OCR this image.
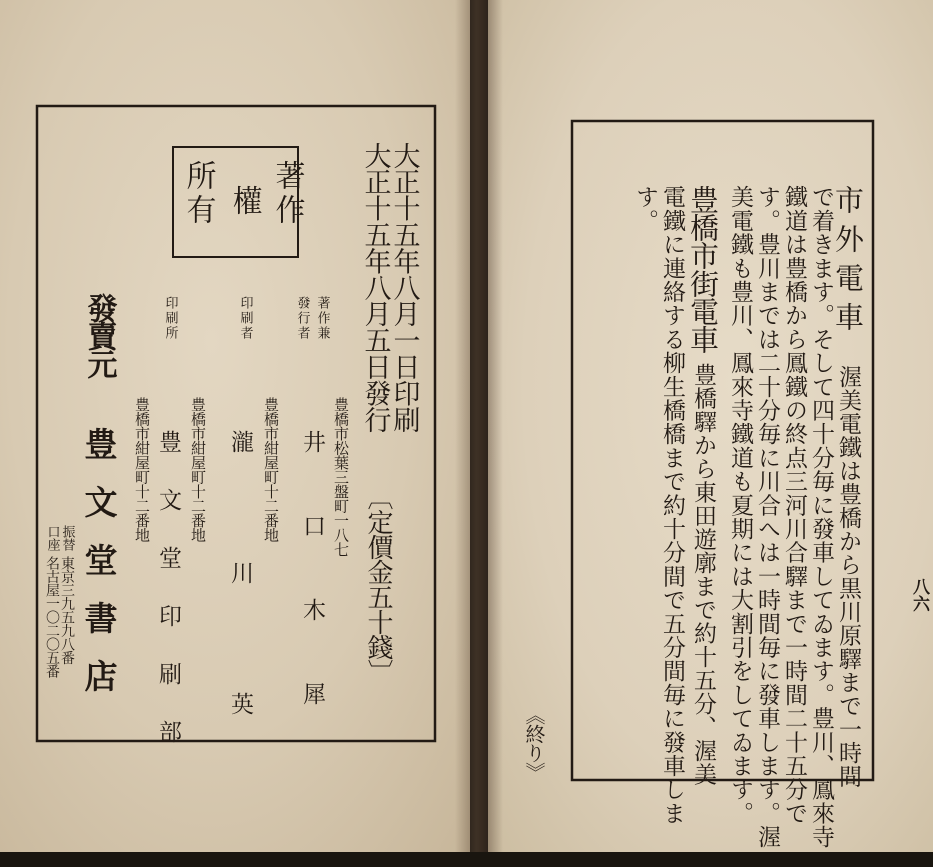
著作
權
所有	大正十五年八月一日印刷
大正十五年八月五日發行
〔定價金五十錢〕
著作兼
發行者
印刷者
印刷所
豊橋市松葉三盤町一八七
豊橋市紺屋町十二番地
豊橋市紺屋町十二番地
豊橋市紺屋町十二番地	井口木犀
瀧川英
豊文堂印刷部
發賣元
豊文堂書店
振替
口座
東京三九五九八番
名古屋一〇二〇五番
市外電車
渥美電鐵は豊橋から黒川原驛まで一時間
で着きます。そして四十分毎に發車してゐます。豊川、鳳來寺
鐵道は豊橋から鳳鐵の終点三河川合驛まで一時間二十五分で
す。豊川までは二十分毎に川合へは一時間毎に發車します。渥
美電鐵も豊川、鳳來寺鐵道も夏期には大割引をしてゐます。
豊橋市街電車
豊橋驛から東田遊廓まで約十五分、渥美
電鐵に連絡する柳生橋橋まで約十分間で五分間毎に發車しま
す。
《終り》
八六
